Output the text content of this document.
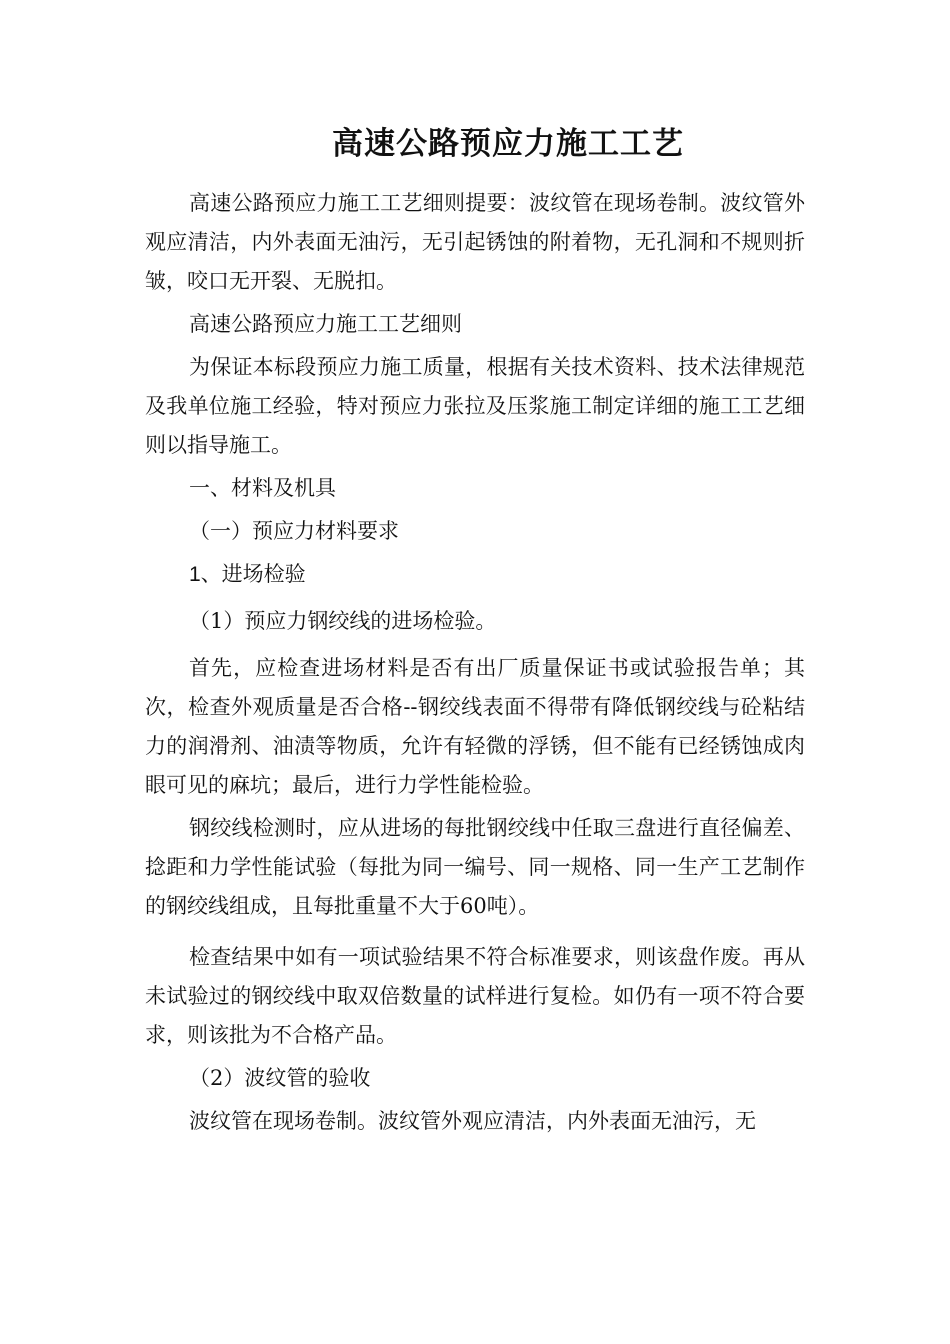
高速公路预应力施工工艺

高速公路预应力施工工艺细则提要：波纹管在现场卷制。波纹管外观应清洁，内外表面无油污，无引起锈蚀的附着物，无孔洞和不规则折皱，咬口无开裂、无脱扣。

高速公路预应力施工工艺细则

为保证本标段预应力施工质量，根据有关技术资料、技术法律规范及我单位施工经验，特对预应力张拉及压浆施工制定详细的施工工艺细则以指导施工。

一、材料及机具

（一）预应力材料要求

1、进场检验

（1）预应力钢绞线的进场检验。

首先，应检查进场材料是否有出厂质量保证书或试验报告单；其次，检查外观质量是否合格--钢绞线表面不得带有降低钢绞线与砼粘结力的润滑剂、油渍等物质，允许有轻微的浮锈，但不能有已经锈蚀成肉眼可见的麻坑；最后，进行力学性能检验。

钢绞线检测时，应从进场的每批钢绞线中任取三盘进行直径偏差、捻距和力学性能试验（每批为同一编号、同一规格、同一生产工艺制作的钢绞线组成，且每批重量不大于60吨）。

检查结果中如有一项试验结果不符合标准要求，则该盘作废。再从未试验过的钢绞线中取双倍数量的试样进行复检。如仍有一项不符合要求，则该批为不合格产品。

（2）波纹管的验收

波纹管在现场卷制。波纹管外观应清洁，内外表面无油污，无
